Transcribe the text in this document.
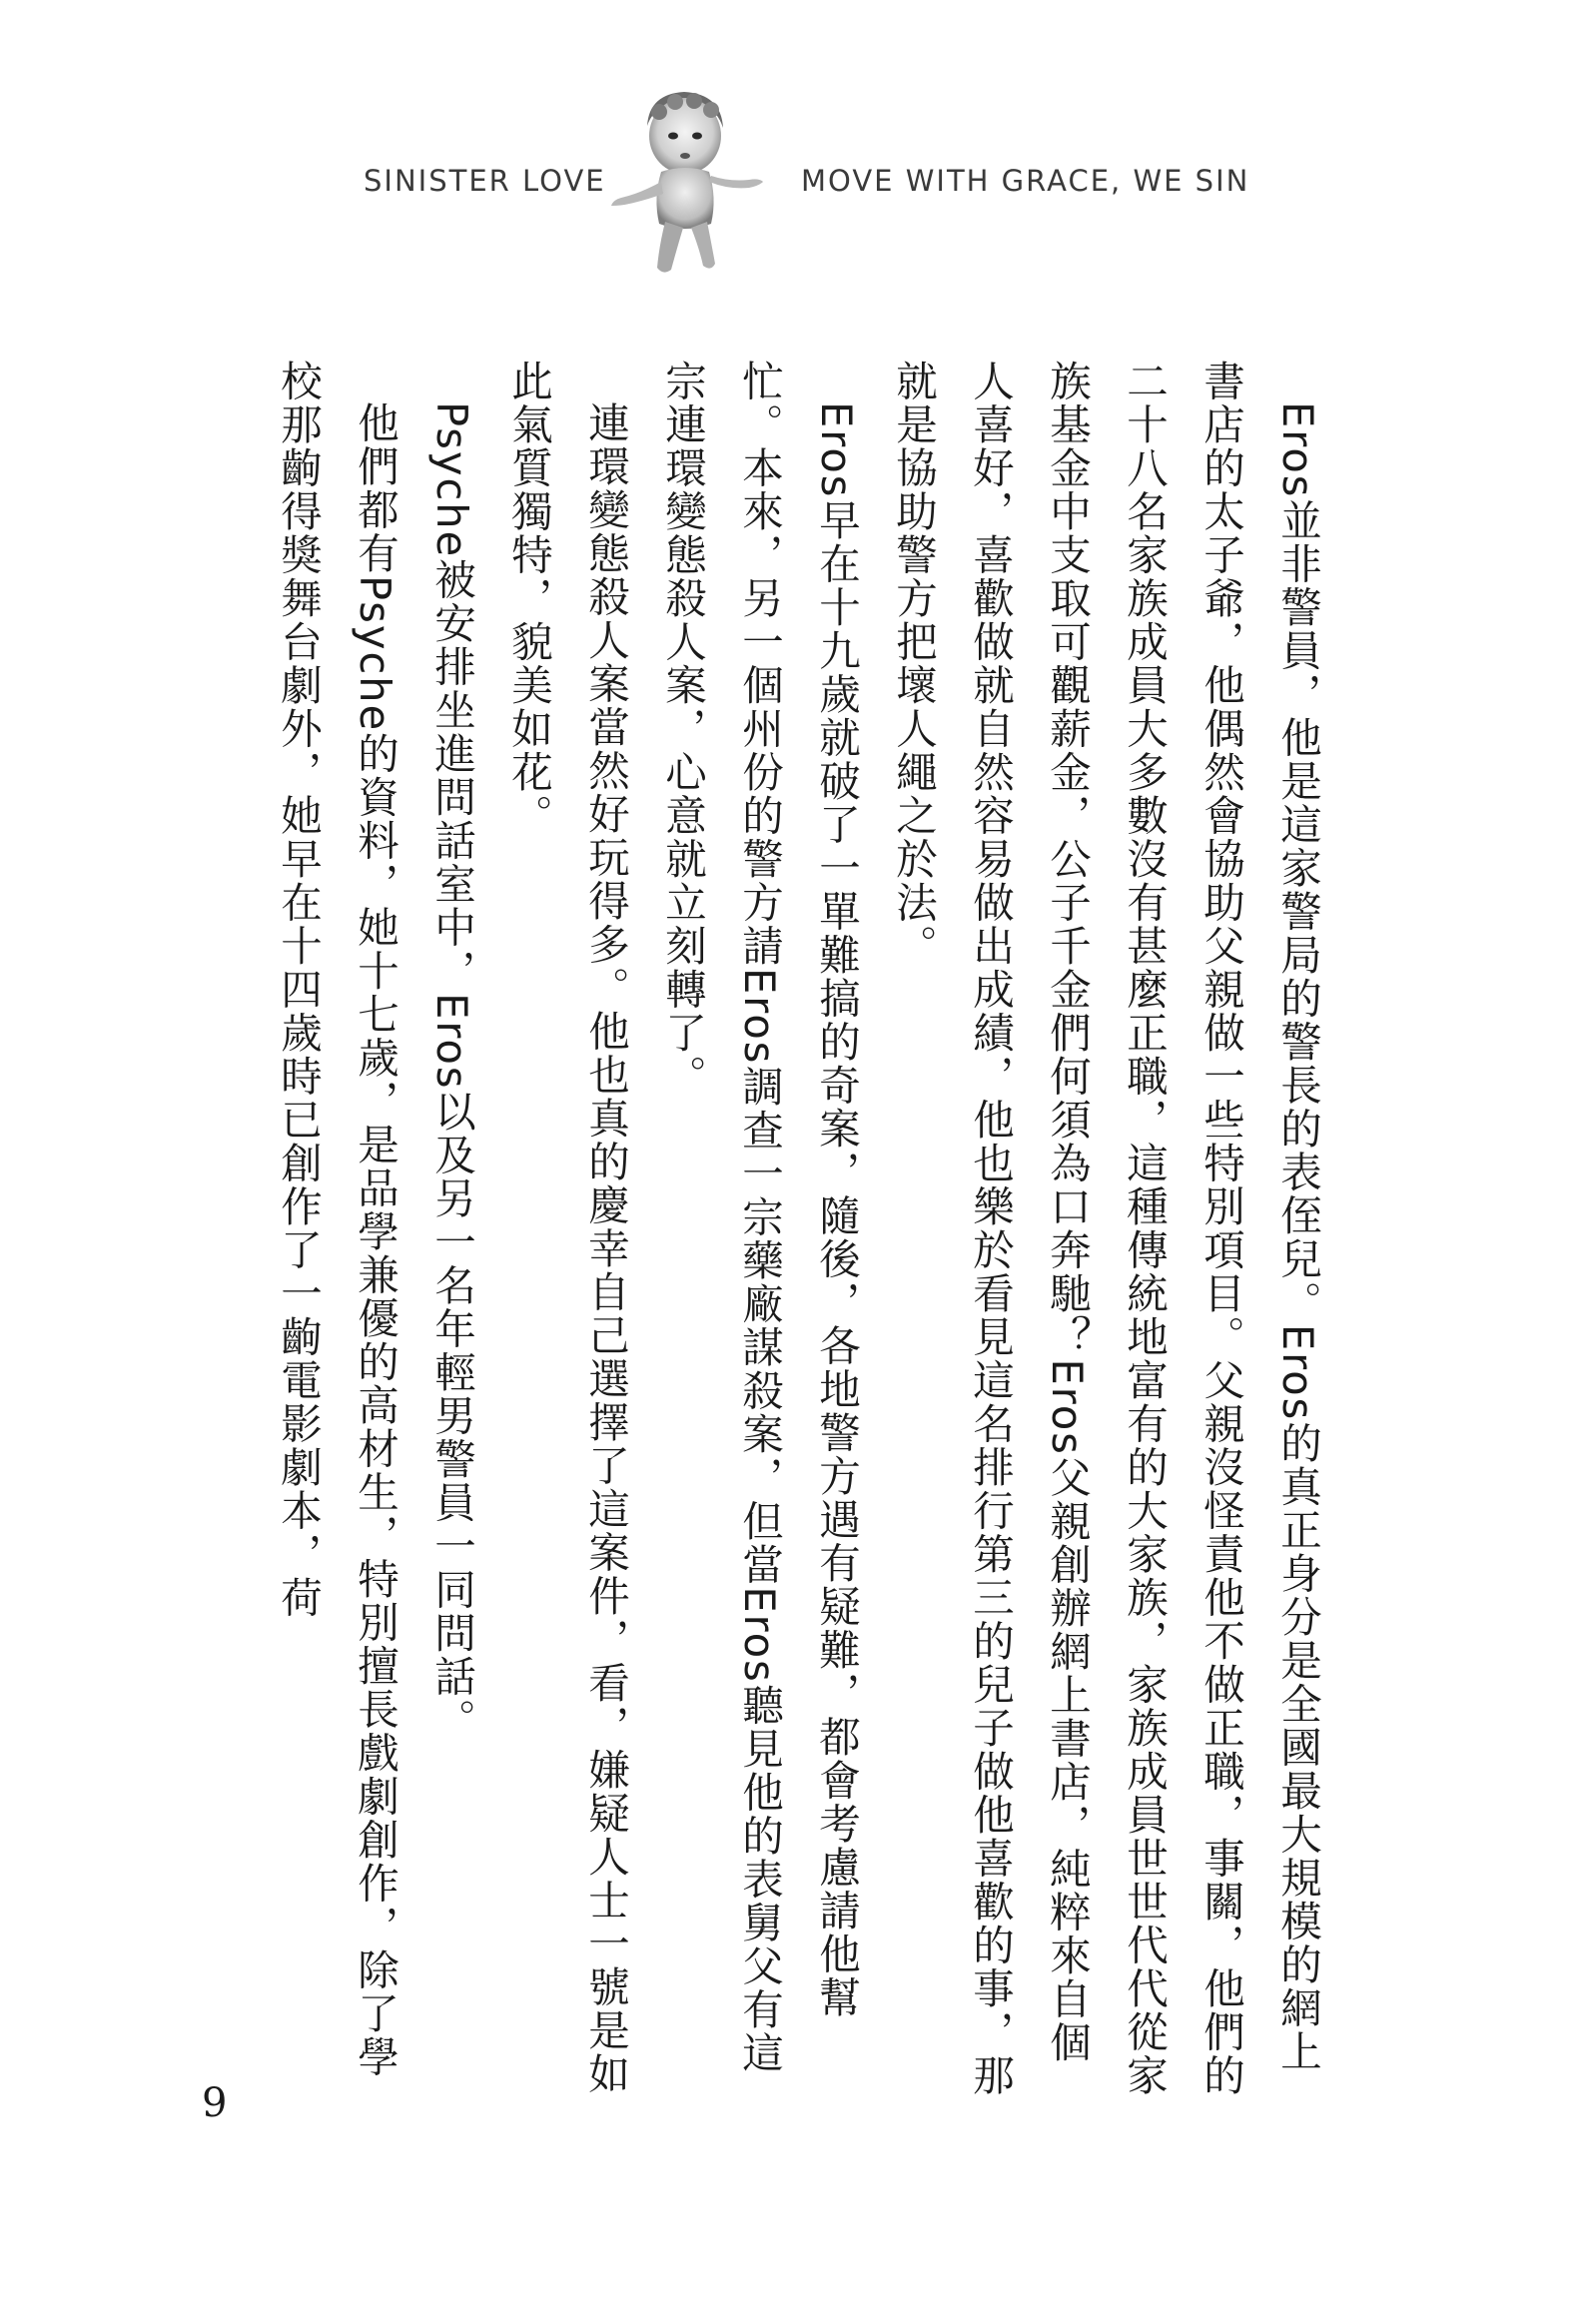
SINISTER LOVE	MOVE WITH GRACE, WE SIN

Eros並非警員，他是這家警局的警長的表侄兒。Eros的真正身分是全國最大規模的網上書店的太子爺，他偶然會協助父親做一些特別項目。父親沒怪責他不做正職，事關，他們的二十八名家族成員大多數沒有甚麼正職，這種傳統地富有的大家族，家族成員世世代代從家族基金中支取可觀薪金，公子千金們何須為口奔馳？Eros父親創辦網上書店，純粹來自個人喜好，喜歡做就自然容易做出成績，他也樂於看見這名排行第三的兒子做他喜歡的事，那就是協助警方把壞人繩之於法。

Eros早在十九歲就破了一單難搞的奇案，隨後，各地警方遇有疑難，都會考慮請他幫忙。本來，另一個州份的警方請Eros調查一宗藥廠謀殺案，但當Eros聽見他的表舅父有這宗連環變態殺人案，心意就立刻轉了。

連環變態殺人案當然好玩得多。他也真的慶幸自己選擇了這案件，看，嫌疑人士一號是如此氣質獨特，貌美如花。

Psyche被安排坐進問話室中，Eros以及另一名年輕男警員一同問話。

他們都有Psyche的資料，她十七歲，是品學兼優的高材生，特別擅長戲劇創作，除了學校那齣得獎舞台劇外，她早在十四歲時已創作了一齣電影劇本，荷

9
